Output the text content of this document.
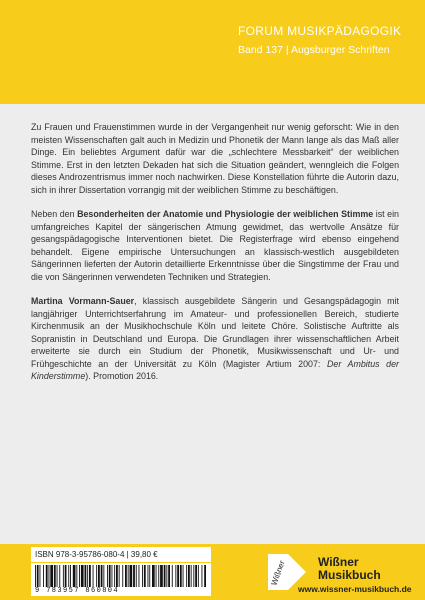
FORUM MUSIKPÄDAGOGIK
Band 137 | Augsburger Schriften

Zu Frauen und Frauenstimmen wurde in der Vergangenheit nur wenig geforscht: Wie in den meisten Wissenschaften galt auch in Medizin und Phonetik der Mann lange als das Maß aller Dinge. Ein beliebtes Argument dafür war die „schlechtere Messbarkeit“ der weiblichen Stimme. Erst in den letzten Dekaden hat sich die Situation geändert, wenngleich die Folgen dieses Androzentrismus immer noch nachwirken. Diese Konstellation führte die Autorin dazu, sich in ihrer Dissertation vorrangig mit der weiblichen Stimme zu beschäftigen.

Neben den Besonderheiten der Anatomie und Physiologie der weiblichen Stimme ist ein umfangreiches Kapitel der sängerischen Atmung gewidmet, das wertvolle Ansätze für gesangspädagogische Interventionen bietet. Die Registerfrage wird ebenso eingehend behandelt. Eigene empirische Untersuchungen an klassisch-westlich ausgebildeten Sängerinnen lieferten der Autorin detaillierte Erkenntnisse über die Singstimme der Frau und die von Sängerinnen verwendeten Techniken und Strategien.

Martina Vormann-Sauer, klassisch ausgebildete Sängerin und Gesangspädagogin mit langjähriger Unterrichtserfahrung im Amateur- und professionellen Bereich, studierte Kirchenmusik an der Musikhochschule Köln und leitete Chöre. Solistische Auftritte als Sopranistin in Deutschland und Europa. Die Grundlagen ihrer wissenschaftlichen Arbeit erweiterte sie durch ein Studium der Phonetik, Musikwissenschaft und Ur- und Frühgeschichte an der Universität zu Köln (Magister Artium 2007: Der Ambitus der Kinderstimme). Promotion 2016.

ISBN 978-3-95786-080-4 | 39,80 €
9 783957 860804
Wißner	Wißner
Musikbuch
www.wissner-musikbuch.de
